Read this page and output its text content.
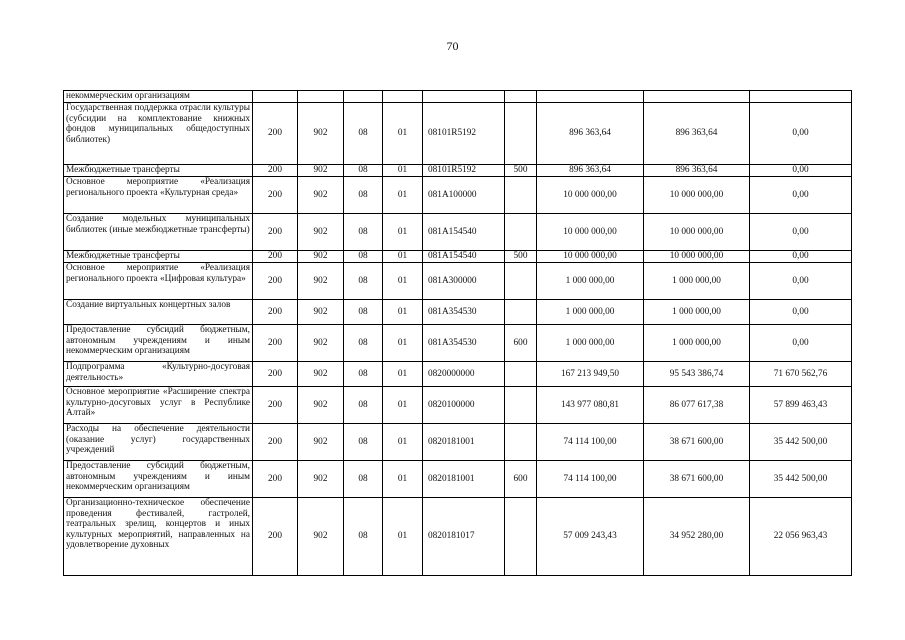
70
некоммерческим организациям									
Государственная поддержка отрасли культуры (субсидии на комплектование книжных фондов муниципальных общедоступных библиотек)	200	902	08	01	08101R5192		896 363,64	896 363,64	0,00
Межбюджетные трансферты	200	902	08	01	08101R5192	500	896 363,64	896 363,64	0,00
Основное мероприятие «Реализация регионального проекта «Культурная среда»	200	902	08	01	081A100000		10 000 000,00	10 000 000,00	0,00
Создание модельных муниципальных библиотек (иные межбюджетные трансферты)	200	902	08	01	081A154540		10 000 000,00	10 000 000,00	0,00
Межбюджетные трансферты	200	902	08	01	081A154540	500	10 000 000,00	10 000 000,00	0,00
Основное мероприятие «Реализация регионального проекта «Цифровая культура»	200	902	08	01	081A300000		1 000 000,00	1 000 000,00	0,00
Создание виртуальных концертных залов	200	902	08	01	081A354530		1 000 000,00	1 000 000,00	0,00
Предоставление субсидий бюджетным, автономным учреждениям и иным некоммерческим организациям	200	902	08	01	081A354530	600	1 000 000,00	1 000 000,00	0,00
Подпрограмма «Культурно-досуговая деятельность»	200	902	08	01	0820000000		167 213 949,50	95 543 386,74	71 670 562,76
Основное мероприятие «Расширение спектра культурно-досуговых услуг в Республике Алтай»	200	902	08	01	0820100000		143 977 080,81	86 077 617,38	57 899 463,43
Расходы на обеспечение деятельности (оказание услуг) государственных учреждений	200	902	08	01	0820181001		74 114 100,00	38 671 600,00	35 442 500,00
Предоставление субсидий бюджетным, автономным учреждениям и иным некоммерческим организациям	200	902	08	01	0820181001	600	74 114 100,00	38 671 600,00	35 442 500,00
Организационно-техническое обеспечение проведения фестивалей, гастролей, театральных зрелищ, концертов и иных культурных мероприятий, направленных на удовлетворение духовных	200	902	08	01	0820181017		57 009 243,43	34 952 280,00	22 056 963,43
